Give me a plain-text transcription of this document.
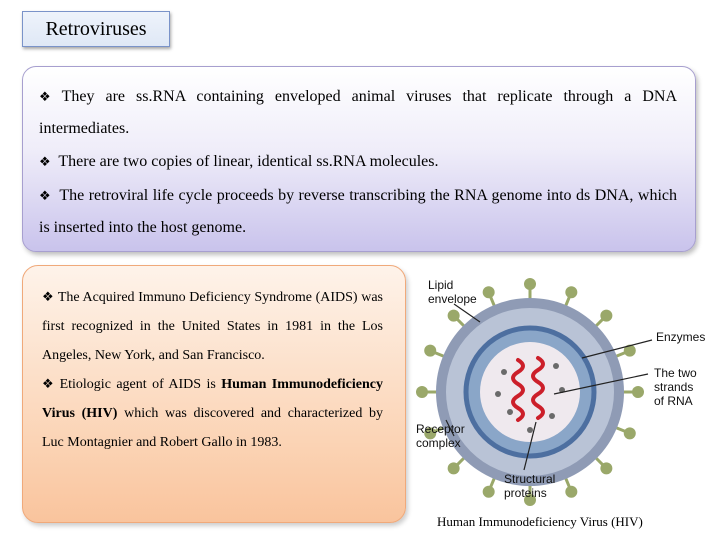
Retroviruses

❖ They are ss.RNA containing enveloped animal viruses that replicate through a DNA intermediates.

❖ There are two copies of linear, identical ss.RNA molecules.

❖ The retroviral life cycle proceeds by reverse transcribing the RNA genome into ds DNA, which is inserted into the host genome.

❖ The Acquired Immuno Deficiency Syndrome (AIDS) was first recognized in the United States in 1981 in the Los Angeles, New York, and San Francisco.

❖ Etiologic agent of AIDS is Human Immunodeficiency Virus (HIV) which was discovered and characterized by Luc Montagnier and Robert Gallo in 1983.

Lipid
envelope
Enzymes
The two
strands
of RNA
Receptor
complex
Structural
proteins
Human Immunodeficiency Virus (HIV)
